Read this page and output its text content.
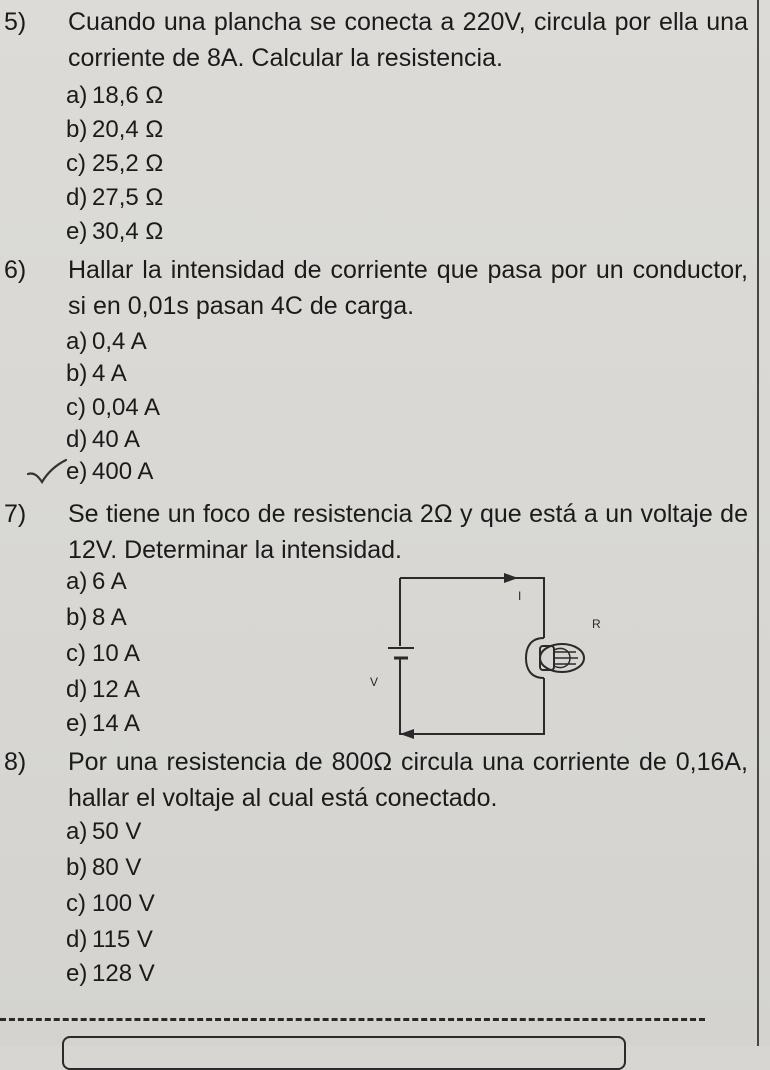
5)	Cuando una plancha se conecta a 220V, circula por ella una corriente de 8A. Calcular la resistencia.
a) 18,6 Ω
b) 20,4 Ω
c) 25,2 Ω
d) 27,5 Ω
e) 30,4 Ω
6)	Hallar la intensidad de corriente que pasa por un conductor, si en 0,01s pasan 4C de carga.
a) 0,4 A
b) 4 A
c) 0,04 A
d) 40 A
e) 400 A
7)	Se tiene un foco de resistencia 2Ω y que está a un voltaje de 12V. Determinar la intensidad.
a) 6 A
b) 8 A
c) 10 A
d) 12 A
e) 14 A
I
R
V
8)	Por una resistencia de 800Ω circula una corriente de 0,16A, hallar el voltaje al cual está conectado.
a) 50 V
b) 80 V
c) 100 V
d) 115 V
e) 128 V
